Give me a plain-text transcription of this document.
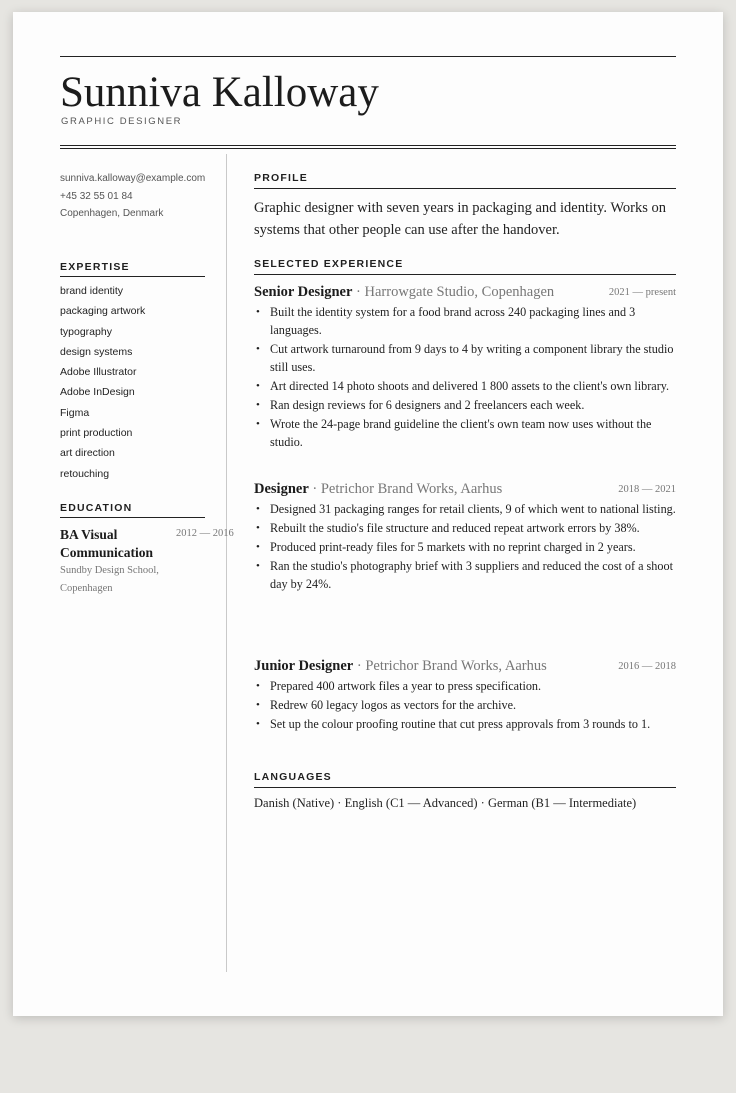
Sunniva Kalloway
GRAPHIC DESIGNER
sunniva.kalloway@example.com
+45 32 55 01 84
Copenhagen, Denmark
EXPERTISE
brand identity
packaging artwork
typography
design systems
Adobe Illustrator
Adobe InDesign
Figma
print production
art direction
retouching
EDUCATION
BA Visual Communication
2012 — 2016
Sundby Design School, Copenhagen
PROFILE
Graphic designer with seven years in packaging and identity. Works on systems that other people can use after the handover.
SELECTED EXPERIENCE
Senior Designer · Harrowgate Studio, Copenhagen	2021 — present
• Built the identity system for a food brand across 240 packaging lines and 3 languages.
• Cut artwork turnaround from 9 days to 4 by writing a component library the studio still uses.
• Art directed 14 photo shoots and delivered 1 800 assets to the client's own library.
• Ran design reviews for 6 designers and 2 freelancers each week.
• Wrote the 24-page brand guideline the client's own team now uses without the studio.
Designer · Petrichor Brand Works, Aarhus	2018 — 2021
• Designed 31 packaging ranges for retail clients, 9 of which went to national listing.
• Rebuilt the studio's file structure and reduced repeat artwork errors by 38%.
• Produced print-ready files for 5 markets with no reprint charged in 2 years.
• Ran the studio's photography brief with 3 suppliers and reduced the cost of a shoot day by 24%.
Junior Designer · Petrichor Brand Works, Aarhus	2016 — 2018
• Prepared 400 artwork files a year to press specification.
• Redrew 60 legacy logos as vectors for the archive.
• Set up the colour proofing routine that cut press approvals from 3 rounds to 1.
LANGUAGES
Danish (Native) · English (C1 — Advanced) · German (B1 — Intermediate)
